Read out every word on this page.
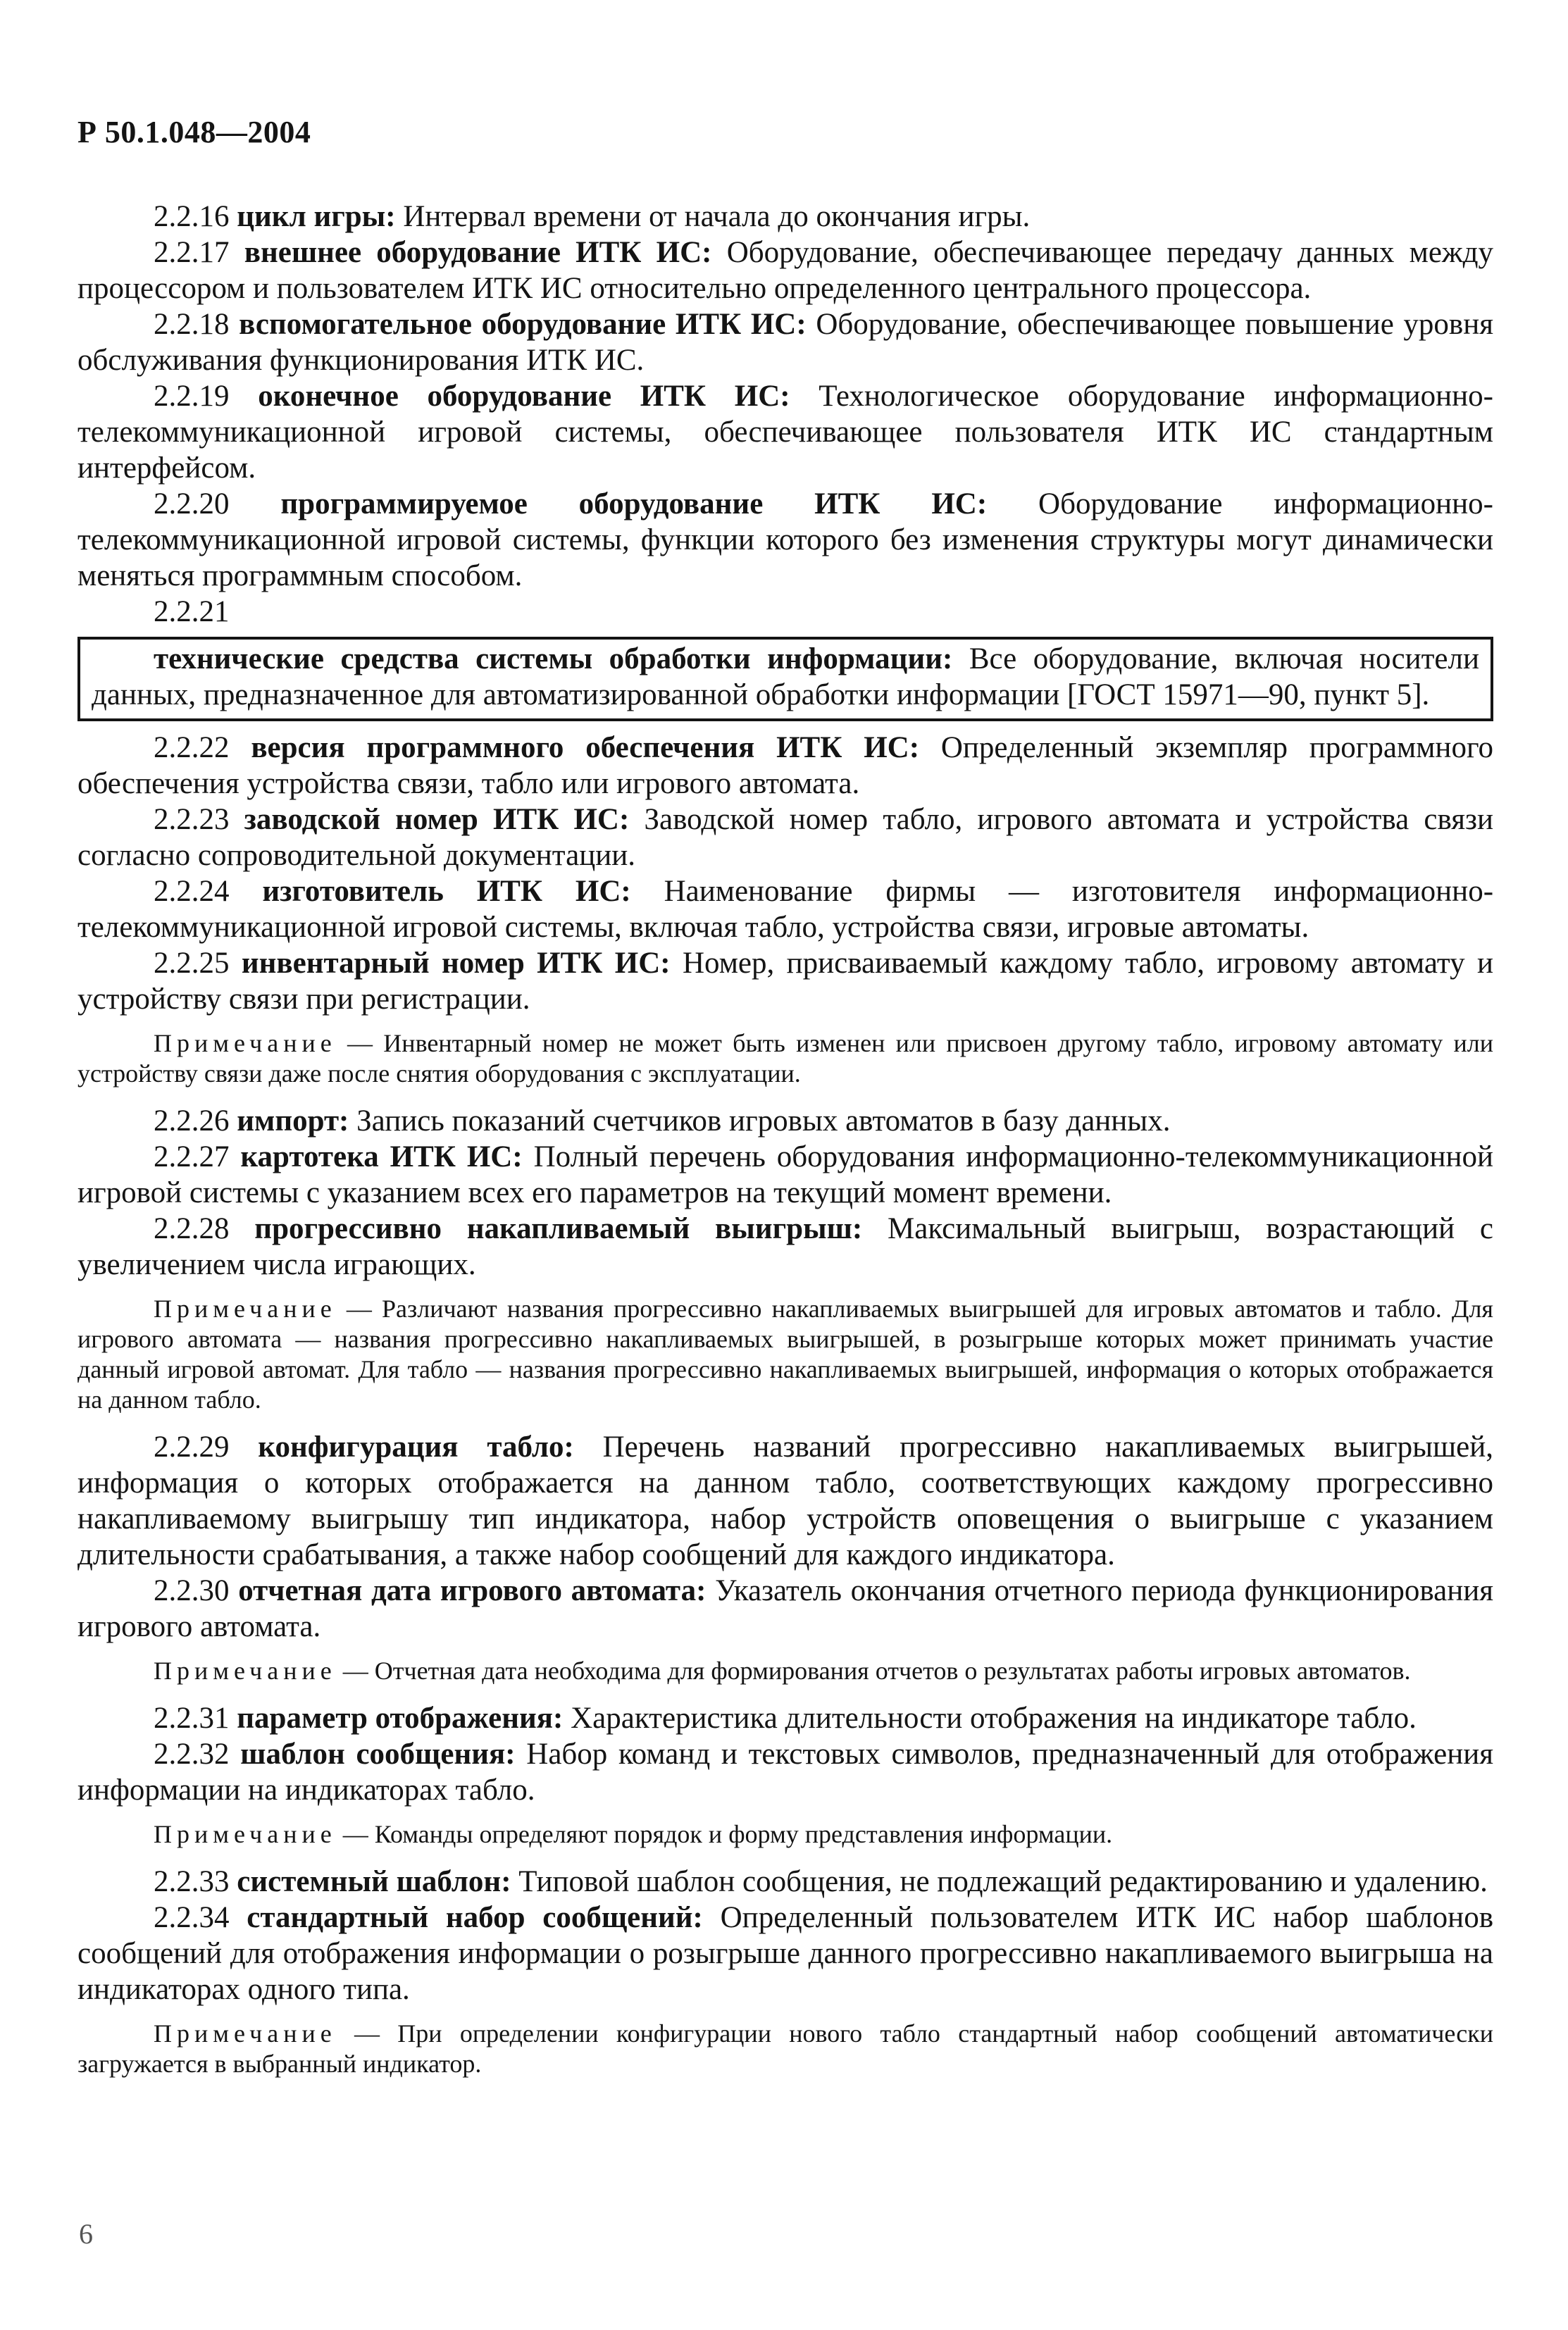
Р 50.1.048—2004

2.2.16 цикл игры: Интервал времени от начала до окончания игры.

2.2.17 внешнее оборудование ИТК ИС: Оборудование, обеспечивающее передачу данных между процессором и пользователем ИТК ИС относительно определенного центрального процессора.

2.2.18 вспомогательное оборудование ИТК ИС: Оборудование, обеспечивающее повышение уровня обслуживания функционирования ИТК ИС.

2.2.19 оконечное оборудование ИТК ИС: Технологическое оборудование информационно-телекоммуникационной игровой системы, обеспечивающее пользователя ИТК ИС стандартным интерфейсом.

2.2.20 программируемое оборудование ИТК ИС: Оборудование информационно-телекоммуникационной игровой системы, функции которого без изменения структуры могут динамически меняться программным способом.

2.2.21

технические средства системы обработки информации: Все оборудование, включая носители данных, предназначенное для автоматизированной обработки информации [ГОСТ 15971—90, пункт 5].

2.2.22 версия программного обеспечения ИТК ИС: Определенный экземпляр программного обеспечения устройства связи, табло или игрового автомата.

2.2.23 заводской номер ИТК ИС: Заводской номер табло, игрового автомата и устройства связи согласно сопроводительной документации.

2.2.24 изготовитель ИТК ИС: Наименование фирмы — изготовителя информационно-телекоммуникационной игровой системы, включая табло, устройства связи, игровые автоматы.

2.2.25 инвентарный номер ИТК ИС: Номер, присваиваемый каждому табло, игровому автомату и устройству связи при регистрации.

Примечание — Инвентарный номер не может быть изменен или присвоен другому табло, игровому автомату или устройству связи даже после снятия оборудования с эксплуатации.

2.2.26 импорт: Запись показаний счетчиков игровых автоматов в базу данных.

2.2.27 картотека ИТК ИС: Полный перечень оборудования информационно-телекоммуникационной игровой системы с указанием всех его параметров на текущий момент времени.

2.2.28 прогрессивно накапливаемый выигрыш: Максимальный выигрыш, возрастающий с увеличением числа играющих.

Примечание — Различают названия прогрессивно накапливаемых выигрышей для игровых автоматов и табло. Для игрового автомата — названия прогрессивно накапливаемых выигрышей, в розыгрыше которых может принимать участие данный игровой автомат. Для табло — названия прогрессивно накапливаемых выигрышей, информация о которых отображается на данном табло.

2.2.29 конфигурация табло: Перечень названий прогрессивно накапливаемых выигрышей, информация о которых отображается на данном табло, соответствующих каждому прогрессивно накапливаемому выигрышу тип индикатора, набор устройств оповещения о выигрыше с указанием длительности срабатывания, а также набор сообщений для каждого индикатора.

2.2.30 отчетная дата игрового автомата: Указатель окончания отчетного периода функционирования игрового автомата.

Примечание — Отчетная дата необходима для формирования отчетов о результатах работы игровых автоматов.

2.2.31 параметр отображения: Характеристика длительности отображения на индикаторе табло.

2.2.32 шаблон сообщения: Набор команд и текстовых символов, предназначенный для отображения информации на индикаторах табло.

Примечание — Команды определяют порядок и форму представления информации.

2.2.33 системный шаблон: Типовой шаблон сообщения, не подлежащий редактированию и удалению.

2.2.34 стандартный набор сообщений: Определенный пользователем ИТК ИС набор шаблонов сообщений для отображения информации о розыгрыше данного прогрессивно накапливаемого выигрыша на индикаторах одного типа.

Примечание — При определении конфигурации нового табло стандартный набор сообщений автоматически загружается в выбранный индикатор.

6
